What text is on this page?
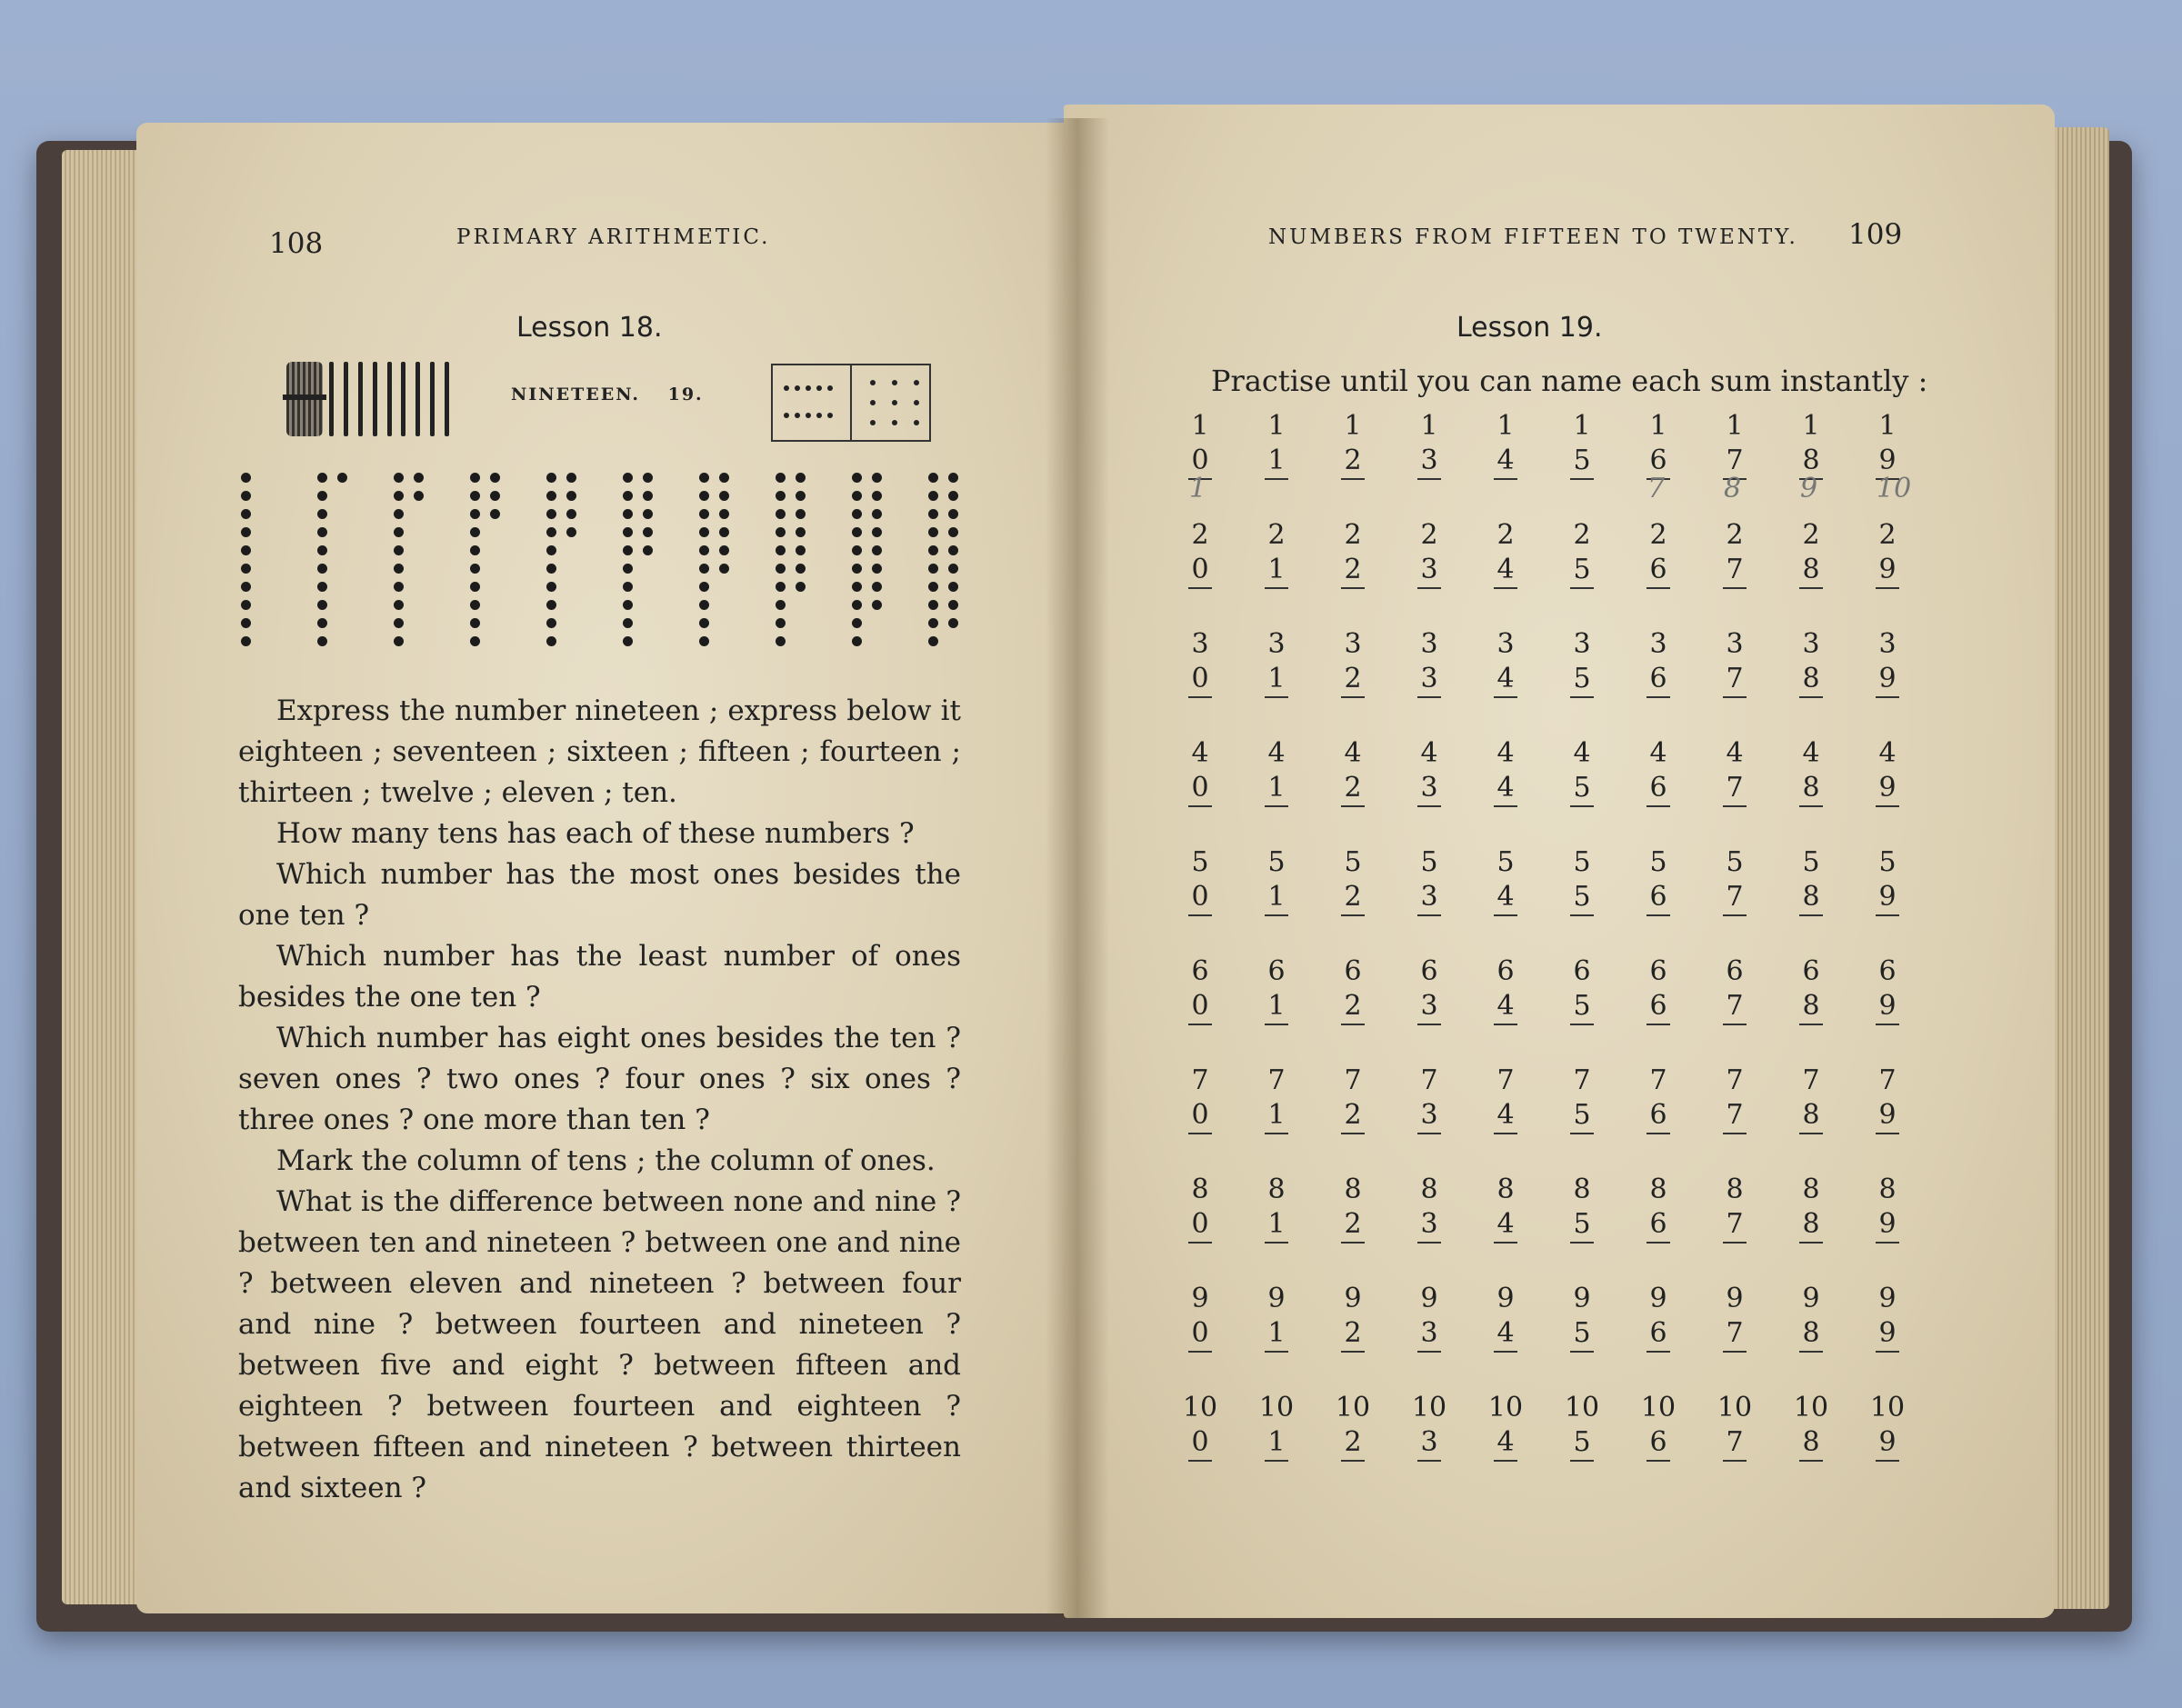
108	PRIMARY ARITHMETIC.
Lesson 18.
NINETEEN. 19.

Express the number nineteen ; express below it eighteen ; seventeen ; sixteen ; fifteen ; fourteen ; thirteen ; twelve ; eleven ; ten.

How many tens has each of these numbers ?

Which number has the most ones besides the one ten ?

Which number has the least number of ones besides the one ten ?

Which number has eight ones besides the ten ? seven ones ? two ones ? four ones ? six ones ? three ones ? one more than ten ?

Mark the column of tens ; the column of ones.

What is the difference between none and nine ? between ten and nineteen ? between one and nine ? between eleven and nineteen ? between four and nine ? between fourteen and nineteen ? between five and eight ? between fifteen and eighteen ? between fourteen and eighteen ? between fifteen and nineteen ? between thirteen and sixteen ?

NUMBERS FROM FIFTEEN TO TWENTY. 109
Lesson 19.
Practise until you can name each sum instantly :
1
0
1
1
1
2
1
3
1
4
1
5
1
6
1
7
1
8
1
9
2
0
2
1
2
2
2
3
2
4
2
5
2
6
2
7
2
8
2
9
3
0
3
1
3
2
3
3
3
4
3
5
3
6
3
7
3
8
3
9
4
0
4
1
4
2
4
3
4
4
4
5
4
6
4
7
4
8
4
9
5
0
5
1
5
2
5
3
5
4
5
5
5
6
5
7
5
8
5
9
6
0
6
1
6
2
6
3
6
4
6
5
6
6
6
7
6
8
6
9
7
0
7
1
7
2
7
3
7
4
7
5
7
6
7
7
7
8
7
9
8
0
8
1
8
2
8
3
8
4
8
5
8
6
8
7
8
8
8
9
9
0
9
1
9
2
9
3
9
4
9
5
9
6
9
7
9
8
9
9
10
0
10
1
10
2
10
3
10
4
10
5
10
6
10
7
10
8
10
9
1	7 8 9 10
